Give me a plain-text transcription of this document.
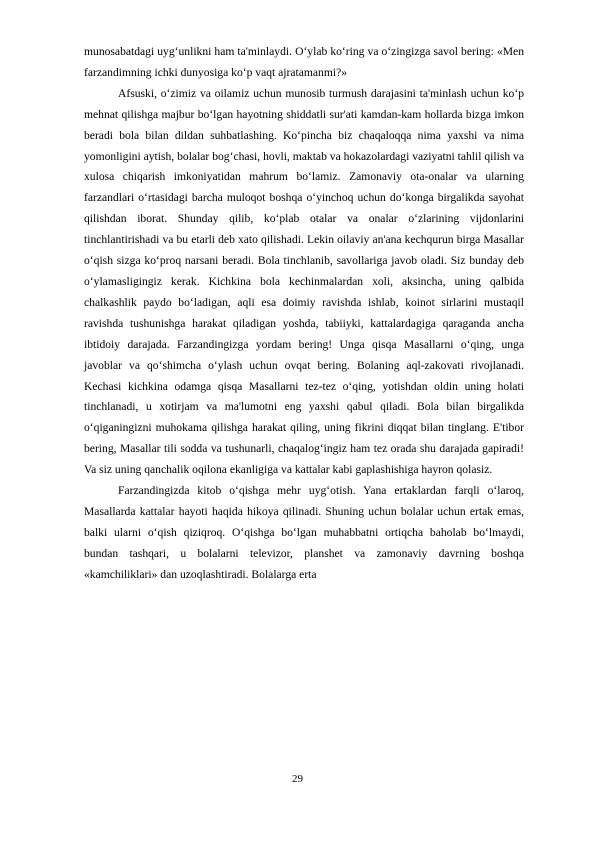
munosabatdagi uyg‘unlikni ham ta'minlaydi. O‘ylab ko‘ring va o‘zingizga savol bering: «Men farzandimning ichki dunyosiga ko‘p vaqt ajratamanmi?»

Afsuski, o‘zimiz va oilamiz uchun munosib turmush darajasini ta'minlash uchun ko‘p mehnat qilishga majbur bo‘lgan hayotning shiddatli sur'ati kamdan-kam hollarda bizga imkon beradi bola bilan dildan suhbatlashing. Ko‘pincha biz chaqaloqqa nima yaxshi va nima yomonligini aytish, bolalar bog‘chasi, hovli, maktab va hokazolardagi vaziyatni tahlil qilish va xulosa chiqarish imkoniyatidan mahrum bo‘lamiz. Zamonaviy ota-onalar va ularning farzandlari o‘rtasidagi barcha muloqot boshqa o‘yinchoq uchun do‘konga birgalikda sayohat qilishdan iborat. Shunday qilib, ko‘plab otalar va onalar o‘zlarining vijdonlarini tinchlantirishadi va bu etarli deb xato qilishadi. Lekin oilaviy an'ana kechqurun birga Masallar o‘qish sizga ko‘proq narsani beradi. Bola tinchlanib, savollariga javob oladi. Siz bunday deb o‘ylamasligingiz kerak. Kichkina bola kechinmalardan xoli, aksincha, uning qalbida chalkashlik paydo bo‘ladigan, aqli esa doimiy ravishda ishlab, koinot sirlarini mustaqil ravishda tushunishga harakat qiladigan yoshda, tabiiyki, kattalardagiga qaraganda ancha ibtidoiy darajada. Farzandingizga yordam bering! Unga qisqa Masallarni o‘qing, unga javoblar va qo‘shimcha o‘ylash uchun ovqat bering. Bolaning aql-zakovati rivojlanadi. Kechasi kichkina odamga qisqa Masallarni tez-tez o‘qing, yotishdan oldin uning holati tinchlanadi, u xotirjam va ma'lumotni eng yaxshi qabul qiladi. Bola bilan birgalikda o‘qiganingizni muhokama qilishga harakat qiling, uning fikrini diqqat bilan tinglang. E'tibor bering, Masallar tili sodda va tushunarli, chaqalog‘ingiz ham tez orada shu darajada gapiradi! Va siz uning qanchalik oqilona ekanligiga va kattalar kabi gaplashishiga hayron qolasiz.

Farzandingizda kitob o‘qishga mehr uyg‘otish. Yana ertaklardan farqli o‘laroq, Masallarda kattalar hayoti haqida hikoya qilinadi. Shuning uchun bolalar uchun ertak emas, balki ularni o‘qish qiziqroq. O‘qishga bo‘lgan muhabbatni ortiqcha baholab bo‘lmaydi, bundan tashqari, u bolalarni televizor, planshet va zamonaviy davrning boshqa «kamchiliklari» dan uzoqlashtiradi. Bolalarga erta

29
